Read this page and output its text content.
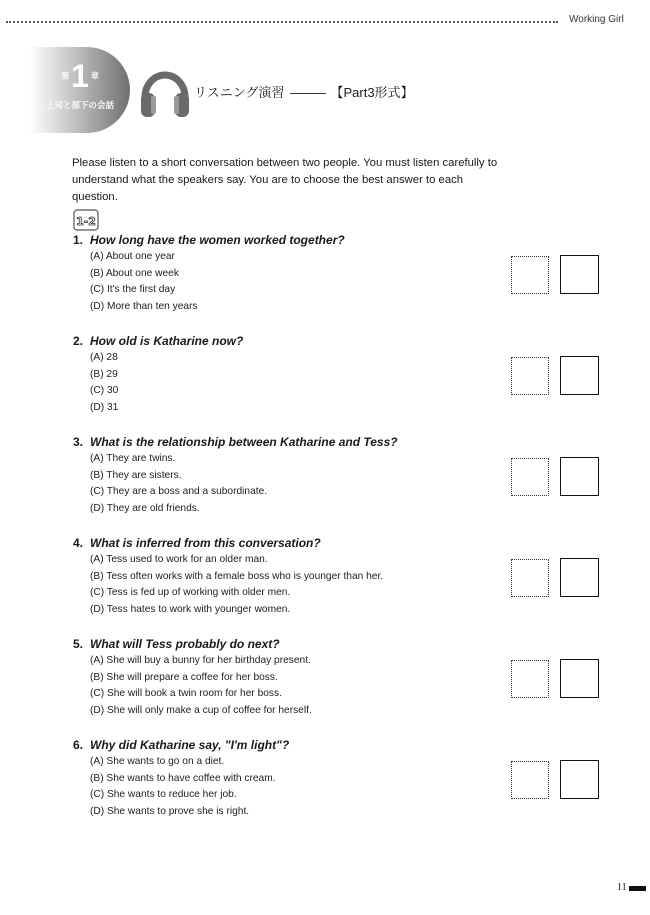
Working Girl
第1 章
上司と部下の会話
リスニング演習	【Part3形式】
Please listen to a short conversation between two people. You must listen carefully to understand what the speakers say. You are to choose the best answer to each question.
1-2
1. How long have the women worked together?
(A) About one year
(B) About one week
(C) It's the first day
(D) More than ten years
2. How old is Katharine now?
(A) 28
(B) 29
(C) 30
(D) 31
3. What is the relationship between Katharine and Tess?
(A) They are twins.
(B) They are sisters.
(C) They are a boss and a subordinate.
(D) They are old friends.
4. What is inferred from this conversation?
(A) Tess used to work for an older man.
(B) Tess often works with a female boss who is younger than her.
(C) Tess is fed up of working with older men.
(D) Tess hates to work with younger women.
5. What will Tess probably do next?
(A) She will buy a bunny for her birthday present.
(B) She will prepare a coffee for her boss.
(C) She will book a twin room for her boss.
(D) She will only make a cup of coffee for herself.
6. Why did Katharine say, "I'm light"?
(A) She wants to go on a diet.
(B) She wants to have coffee with cream.
(C) She wants to reduce her job.
(D) She wants to prove she is right.
11
